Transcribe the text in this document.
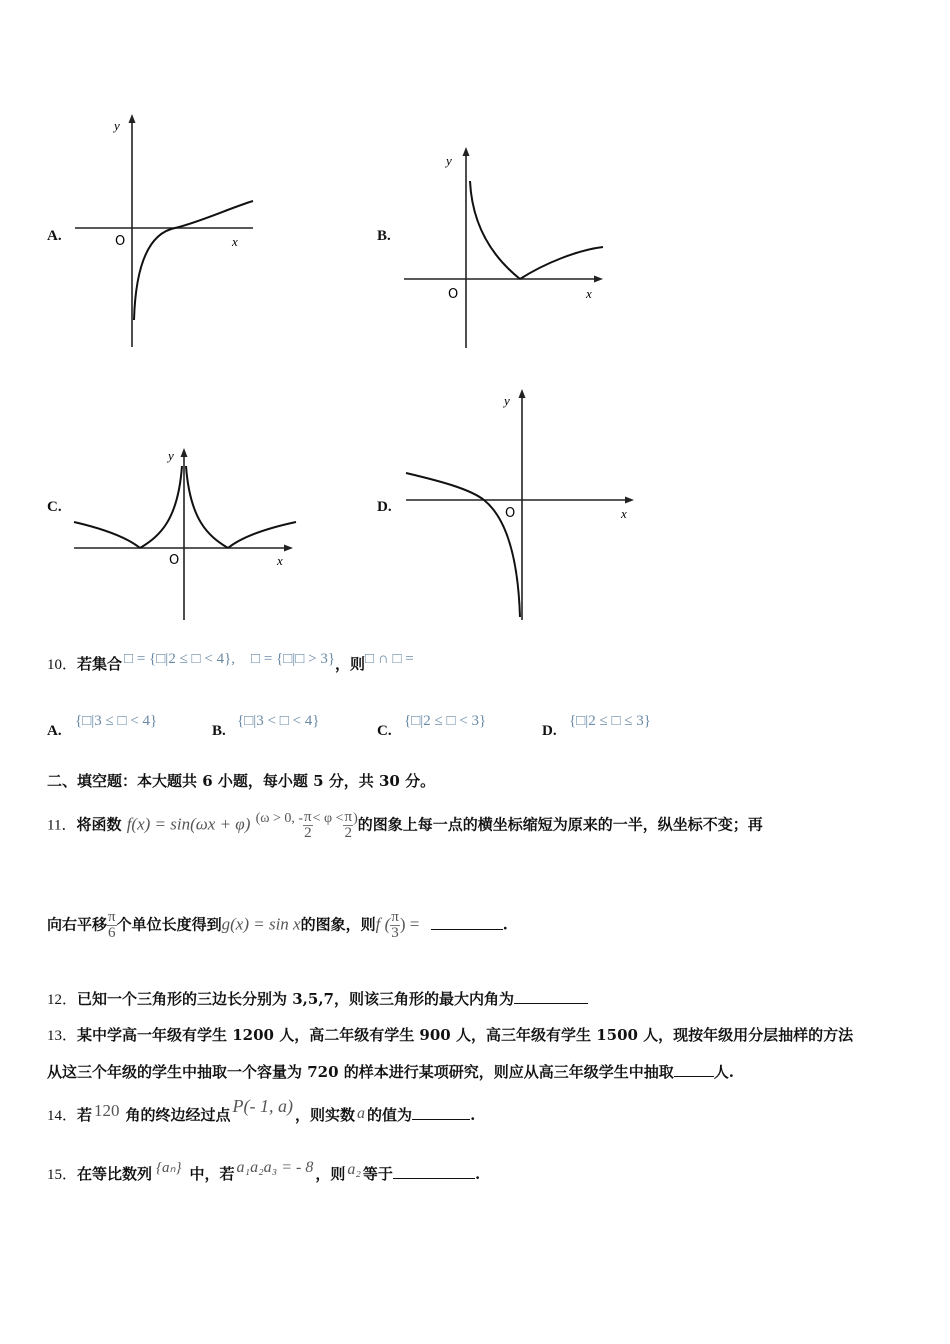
A.
y
x
O	B.
y
x
O
C.
y
x
O
D.
y
x
O
10．若集合 □ = {□|2 ≤ □ < 4}, □ = {□|□ > 3}，则□ ∩ □ =
A.
{□|3 ≤ □ < 4}
B.
{□|3 < □ < 4}
C.
{□|2 ≤ □ < 3}
D.
{□|2 ≤ □ ≤ 3}
二、填空题：本大题共 6 小题，每小题 5 分，共 30 分。
11．将函数 f(x) = sin(ωx + φ) (ω > 0, - $\frac{\pi}{2} < \varphi < \frac{\pi}{2}$ )的图象上每一点的横坐标缩短为原来的一半，纵坐标不变；再
向右平移 $\frac{\pi}{6}$ 个单位长度得到g(x) = sin x的图象，则f ( $\frac{\pi}{3}$ ) =	.
12．已知一个三角形的三边长分别为 3,5,7，则该三角形的最大内角为
13．某中学高一年级有学生 1200 人，高二年级有学生 900 人，高三年级有学生 1500 人，现按年级用分层抽样的方法
从这三个年级的学生中抽取一个容量为 720 的样本进行某项研究，则应从高三年级学生中抽取	人.
14．若 120 角的终边经过点 P(- 1, a) ，则实数 a 的值为	.
15．在等比数列 {aₙ} 中，若 a₁a₂a₃ = - 8 ，则 a₂ 等于	.
